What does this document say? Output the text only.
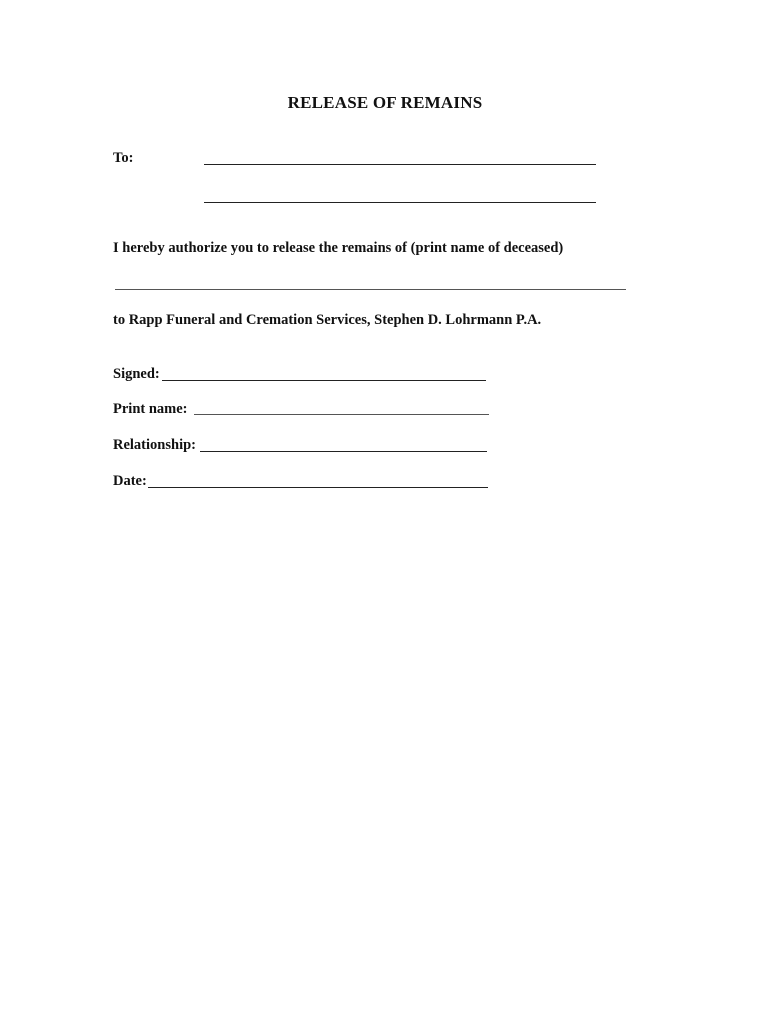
RELEASE OF REMAINS
To:
I hereby authorize you to release the remains of (print name of deceased)
to Rapp Funeral and Cremation Services, Stephen D. Lohrmann P.A.
Signed:
Print name:
Relationship:
Date:
